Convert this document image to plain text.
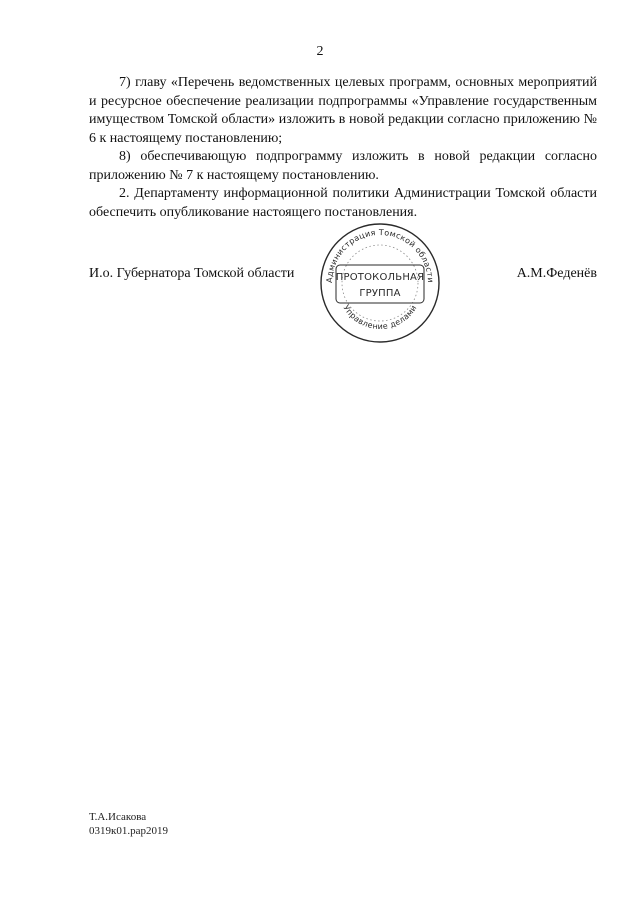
2

7) главу «Перечень ведомственных целевых программ, основных мероприятий и ресурсное обеспечение реализации подпрограммы «Управление государственным имуществом Томской области» изложить в новой редакции согласно приложению № 6 к настоящему постановлению;

8) обеспечивающую подпрограмму изложить в новой редакции согласно приложению № 7 к настоящему постановлению.

2. Департаменту информационной политики Администрации Томской области обеспечить опубликование настоящего постановления.

И.о. Губернатора Томской области	А.М.Феденёв
Администрация Томской области
Управление делами
ПРОТОКОЛЬНАЯ
ГРУППА
Т.А.Исакова
0319к01.рар2019
